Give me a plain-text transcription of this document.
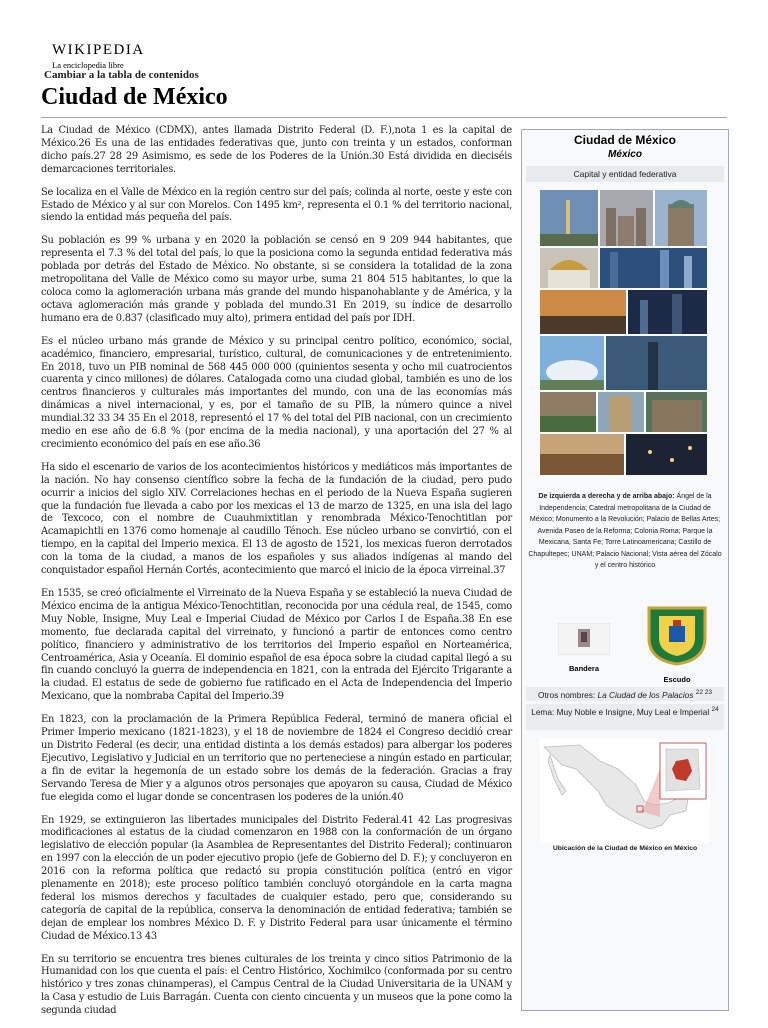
WIKIPEDIA
La enciclopedia libre
Cambiar a la tabla de contenidos
Ciudad de México

La Ciudad de México (CDMX), antes llamada Distrito Federal (D. F.),nota 1 es la capital de México.26 Es una de las entidades federativas que, junto con treinta y un estados, conforman dicho país.27 28 29 Asimismo, es sede de los Poderes de la Unión.30 Está dividida en dieciséis demarcaciones territoriales.

Se localiza en el Valle de México en la región centro sur del país; colinda al norte, oeste y este con Estado de México y al sur con Morelos. Con 1495 km², representa el 0.1 % del territorio nacional, siendo la entidad más pequeña del país.

Su población es 99 % urbana y en 2020 la población se censó en 9 209 944 habitantes, que representa el 7.3 % del total del país, lo que la posiciona como la segunda entidad federativa más poblada por detrás del Estado de México. No obstante, si se considera la totalidad de la zona metropolitana del Valle de México como su mayor urbe, suma 21 804 515 habitantes, lo que la coloca como la aglomeración urbana más grande del mundo hispanohablante y de América, y la octava aglomeración más grande y poblada del mundo.31 En 2019, su índice de desarrollo humano era de 0.837 (clasificado muy alto), primera entidad del país por IDH.

Es el núcleo urbano más grande de México y su principal centro político, económico, social, académico, financiero, empresarial, turístico, cultural, de comunicaciones y de entretenimiento. En 2018, tuvo un PIB nominal de 568 445 000 000 (quinientos sesenta y ocho mil cuatrocientos cuarenta y cinco millones) de dólares. Catalogada como una ciudad global, también es uno de los centros financieros y culturales más importantes del mundo, con una de las economías más dinámicas a nivel internacional, y es, por el tamaño de su PIB, la número quince a nivel mundial.32 33 34 35 En el 2018, representó el 17 % del total del PIB nacional, con un crecimiento medio en ese año de 6.8 % (por encima de la media nacional), y una aportación del 27 % al crecimiento económico del país en ese año.36

Ha sido el escenario de varios de los acontecimientos históricos y mediáticos más importantes de la nación. No hay consenso científico sobre la fecha de la fundación de la ciudad, pero pudo ocurrir a inicios del siglo XIV. Correlaciones hechas en el periodo de la Nueva España sugieren que la fundación fue llevada a cabo por los mexicas el 13 de marzo de 1325, en una isla del lago de Texcoco, con el nombre de Cuauhmixtitlan y renombrada México-Tenochtitlan por Acamapichtli en 1376 como homenaje al caudillo Ténoch. Ese núcleo urbano se convirtió, con el tiempo, en la capital del Imperio mexica. El 13 de agosto de 1521, los mexicas fueron derrotados con la toma de la ciudad, a manos de los españoles y sus aliados indígenas al mando del conquistador español Hernán Cortés, acontecimiento que marcó el inicio de la época virreinal.37

En 1535, se creó oficialmente el Virreinato de la Nueva España y se estableció la nueva Ciudad de México encima de la antigua México-Tenochtitlan, reconocida por una cédula real, de 1545, como Muy Noble, Insigne, Muy Leal e Imperial Ciudad de México por Carlos I de España.38 En ese momento, fue declarada capital del virreinato, y funcionó a partir de entonces como centro político, financiero y administrativo de los territorios del Imperio español en Norteamérica, Centroamérica, Asia y Oceanía. El dominio español de esa época sobre la ciudad capital llegó a su fin cuando concluyó la guerra de independencia en 1821, con la entrada del Ejército Trigarante a la ciudad. El estatus de sede de gobierno fue ratificado en el Acta de Independencia del Imperio Mexicano, que la nombraba Capital del Imperio.39

En 1823, con la proclamación de la Primera República Federal, terminó de manera oficial el Primer Imperio mexicano (1821-1823), y el 18 de noviembre de 1824 el Congreso decidió crear un Distrito Federal (es decir, una entidad distinta a los demás estados) para albergar los poderes Ejecutivo, Legislativo y Judicial en un territorio que no perteneciese a ningún estado en particular, a fin de evitar la hegemonía de un estado sobre los demás de la federación. Gracias a fray Servando Teresa de Mier y a algunos otros personajes que apoyaron su causa, Ciudad de México fue elegida como el lugar donde se concentrasen los poderes de la unión.40

En 1929, se extinguieron las libertades municipales del Distrito Federal.41 42 Las progresivas modificaciones al estatus de la ciudad comenzaron en 1988 con la conformación de un órgano legislativo de elección popular (la Asamblea de Representantes del Distrito Federal); continuaron en 1997 con la elección de un poder ejecutivo propio (jefe de Gobierno del D. F.); y concluyeron en 2016 con la reforma política que redactó su propia constitución política (entró en vigor plenamente en 2018); este proceso político también concluyó otorgándole en la carta magna federal los mismos derechos y facultades de cualquier estado, pero que, considerando su categoría de capital de la república, conserva la denominación de entidad federativa; también se dejan de emplear los nombres México D. F. y Distrito Federal para usar únicamente el término Ciudad de México.13 43

En su territorio se encuentra tres bienes culturales de los treinta y cinco sitios Patrimonio de la Humanidad con los que cuenta el país: el Centro Histórico, Xochimilco (conformada por su centro histórico y tres zonas chinamperas), el Campus Central de la Ciudad Universitaria de la UNAM y la Casa y estudio de Luis Barragán. Cuenta con ciento cincuenta y un museos que la pone como la segunda ciudad

Ciudad de México
México
Capital y entidad federativa
De izquierda a derecha y de arriba abajo: Ángel de la Independencia; Catedral metropolitana de la Ciudad de México; Monumento a la Revolución; Palacio de Bellas Artes; Avenida Paseo de la Reforma; Colonia Roma; Parque la Mexicana, Santa Fe; Torre Latinoamericana; Castillo de Chapultepec; UNAM; Palacio Nacional; Vista aérea del Zócalo y el centro histórico
Bandera
Escudo
Otros nombres: La Ciudad de los Palacios $^{22 23}$
Lema: Muy Noble e Insigne, Muy Leal e Imperial $^{24}$
Ubicación de la Ciudad de México en México
